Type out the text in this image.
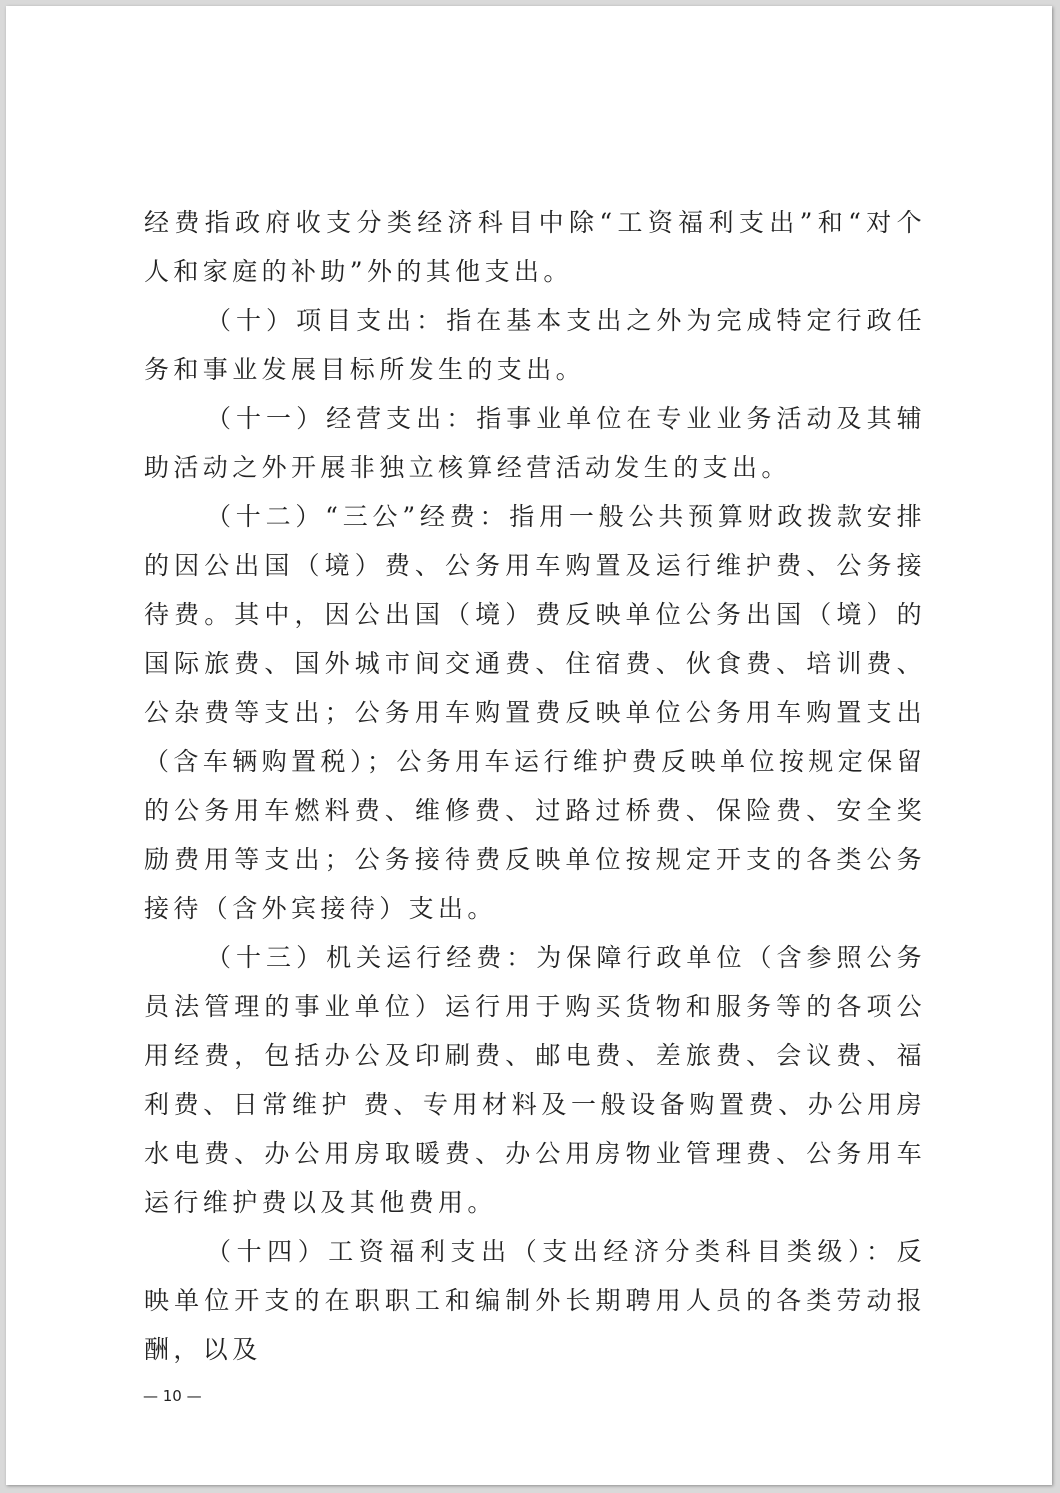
经费指政府收支分类经济科目中除“工资福利支出”和“对个人和家庭的补助”外的其他支出。

（十）项目支出：指在基本支出之外为完成特定行政任务和事业发展目标所发生的支出。

（十一）经营支出：指事业单位在专业业务活动及其辅助活动之外开展非独立核算经营活动发生的支出。

（十二）“三公”经费：指用一般公共预算财政拨款安排的因公出国（境）费、公务用车购置及运行维护费、公务接待费。其中，因公出国（境）费反映单位公务出国（境）的国际旅费、国外城市间交通费、住宿费、伙食费、培训费、公杂费等支出；公务用车购置费反映单位公务用车购置支出（含车辆购置税）；公务用车运行维护费反映单位按规定保留的公务用车燃料费、维修费、过路过桥费、保险费、安全奖励费用等支出；公务接待费反映单位按规定开支的各类公务接待（含外宾接待）支出。

（十三）机关运行经费：为保障行政单位（含参照公务员法管理的事业单位）运行用于购买货物和服务等的各项公用经费，包括办公及印刷费、邮电费、差旅费、会议费、福利费、日常维护 费、专用材料及一般设备购置费、办公用房水电费、办公用房取暖费、办公用房物业管理费、公务用车运行维护费以及其他费用。

（十四）工资福利支出（支出经济分类科目类级）：反映单位开支的在职职工和编制外长期聘用人员的各类劳动报酬，以及

— 10 —
